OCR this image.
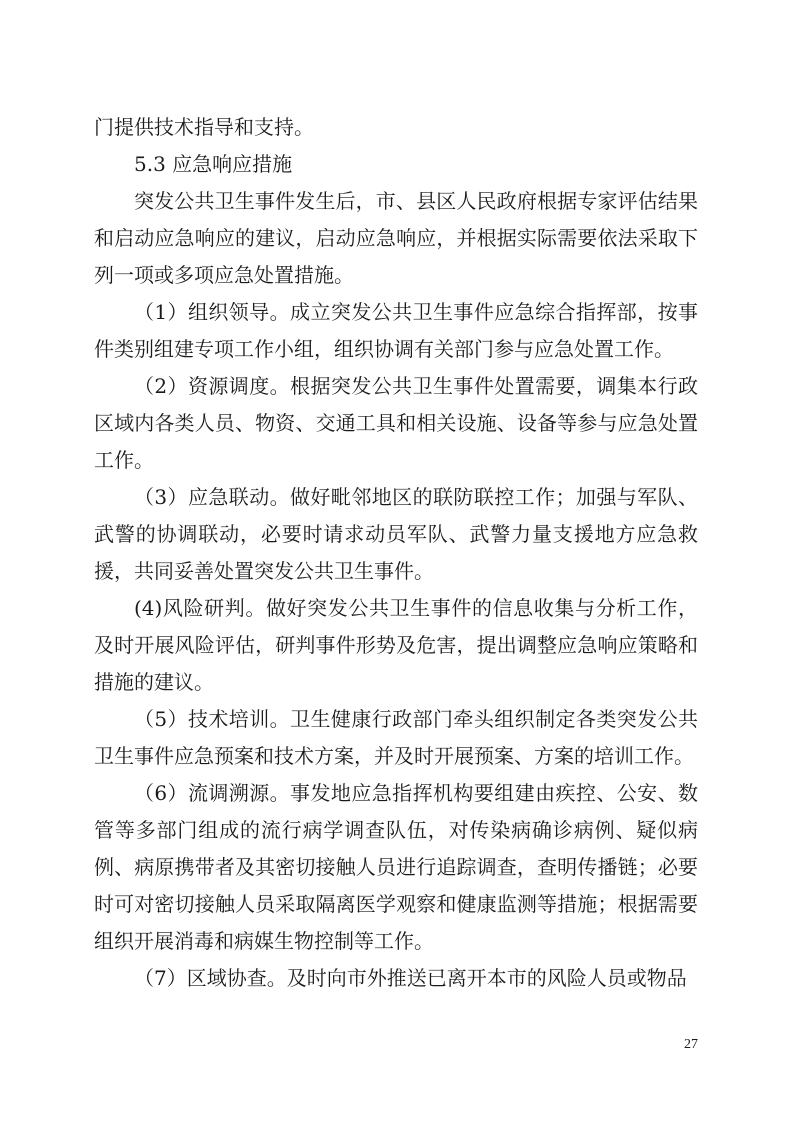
门提供技术指导和支持。

5.3 应急响应措施

突发公共卫生事件发生后，市、县区人民政府根据专家评估结果和启动应急响应的建议，启动应急响应，并根据实际需要依法采取下列一项或多项应急处置措施。

（1）组织领导。成立突发公共卫生事件应急综合指挥部，按事件类别组建专项工作小组，组织协调有关部门参与应急处置工作。

（2）资源调度。根据突发公共卫生事件处置需要，调集本行政区域内各类人员、物资、交通工具和相关设施、设备等参与应急处置工作。

（3）应急联动。做好毗邻地区的联防联控工作；加强与军队、武警的协调联动，必要时请求动员军队、武警力量支援地方应急救援，共同妥善处置突发公共卫生事件。

(4)风险研判。做好突发公共卫生事件的信息收集与分析工作，及时开展风险评估，研判事件形势及危害，提出调整应急响应策略和措施的建议。

（5）技术培训。卫生健康行政部门牵头组织制定各类突发公共卫生事件应急预案和技术方案，并及时开展预案、方案的培训工作。

（6）流调溯源。事发地应急指挥机构要组建由疾控、公安、数管等多部门组成的流行病学调查队伍，对传染病确诊病例、疑似病例、病原携带者及其密切接触人员进行追踪调查，查明传播链；必要时可对密切接触人员采取隔离医学观察和健康监测等措施；根据需要组织开展消毒和病媒生物控制等工作。

（7）区域协查。及时向市外推送已离开本市的风险人员或物品

27
